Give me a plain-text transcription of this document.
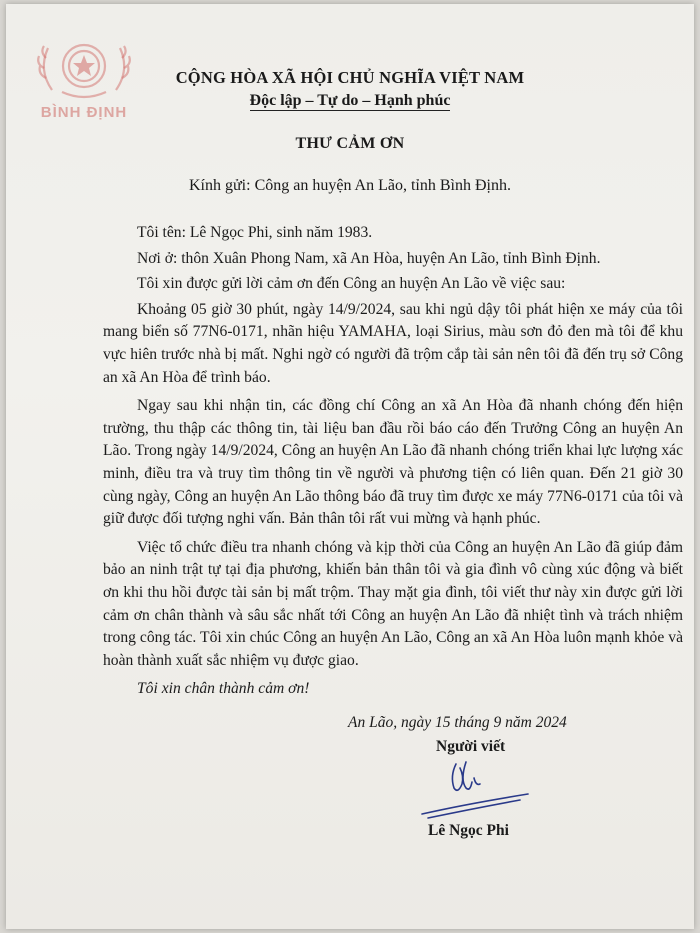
BÌNH ĐỊNH
CỘNG HÒA XÃ HỘI CHỦ NGHĨA VIỆT NAM
Độc lập – Tự do – Hạnh phúc
THƯ CẢM ƠN
Kính gửi: Công an huyện An Lão, tỉnh Bình Định.

Tôi tên: Lê Ngọc Phi, sinh năm 1983.

Nơi ở: thôn Xuân Phong Nam, xã An Hòa, huyện An Lão, tỉnh Bình Định.

Tôi xin được gửi lời cảm ơn đến Công an huyện An Lão về việc sau:

Khoảng 05 giờ 30 phút, ngày 14/9/2024, sau khi ngủ dậy tôi phát hiện xe máy của tôi mang biển số 77N6-0171, nhãn hiệu YAMAHA, loại Sirius, màu sơn đỏ đen mà tôi để khu vực hiên trước nhà bị mất. Nghi ngờ có người đã trộm cắp tài sản nên tôi đã đến trụ sở Công an xã An Hòa để trình báo.

Ngay sau khi nhận tin, các đồng chí Công an xã An Hòa đã nhanh chóng đến hiện trường, thu thập các thông tin, tài liệu ban đầu rồi báo cáo đến Trưởng Công an huyện An Lão. Trong ngày 14/9/2024, Công an huyện An Lão đã nhanh chóng triển khai lực lượng xác minh, điều tra và truy tìm thông tin về người và phương tiện có liên quan. Đến 21 giờ 30 cùng ngày, Công an huyện An Lão thông báo đã truy tìm được xe máy 77N6-0171 của tôi và giữ được đối tượng nghi vấn. Bản thân tôi rất vui mừng và hạnh phúc.

Việc tổ chức điều tra nhanh chóng và kịp thời của Công an huyện An Lão đã giúp đảm bảo an ninh trật tự tại địa phương, khiến bản thân tôi và gia đình vô cùng xúc động và biết ơn khi thu hồi được tài sản bị mất trộm. Thay mặt gia đình, tôi viết thư này xin được gửi lời cảm ơn chân thành và sâu sắc nhất tới Công an huyện An Lão đã nhiệt tình và trách nhiệm trong công tác. Tôi xin chúc Công an huyện An Lão, Công an xã An Hòa luôn mạnh khỏe và hoàn thành xuất sắc nhiệm vụ được giao.

Tôi xin chân thành cảm ơn!

An Lão, ngày 15 tháng 9 năm 2024
Người viết
Lê Ngọc Phi
